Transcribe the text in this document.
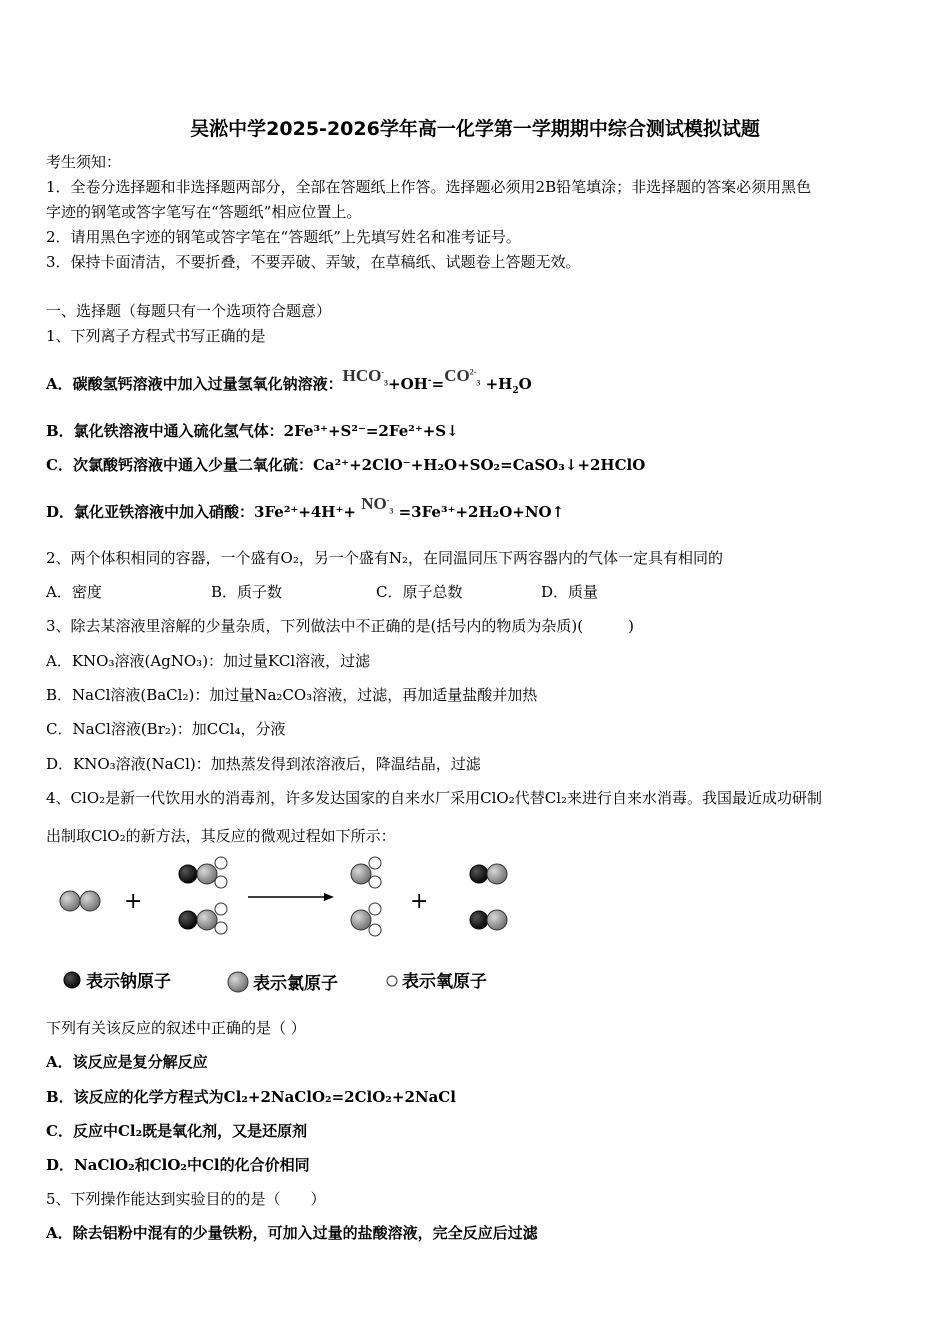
吴淞中学2025-2026学年高一化学第一学期期中综合测试模拟试题
考生须知：
1．全卷分选择题和非选择题两部分，全部在答题纸上作答。选择题必须用2B铅笔填涂；非选择题的答案必须用黑色
字迹的钢笔或答字笔写在“答题纸”相应位置上。
2．请用黑色字迹的钢笔或答字笔在“答题纸”上先填写姓名和准考证号。
3．保持卡面清洁，不要折叠，不要弄破、弄皱，在草稿纸、试题卷上答题无效。
一、选择题（每题只有一个选项符合题意）
1、下列离子方程式书写正确的是
A．碳酸氢钙溶液中加入过量氢氧化钠溶液：$HCO^-_3+OH^-=CO^{2-}_3 +H_2O$
B．氯化铁溶液中通入硫化氢气体：2Fe³⁺+S²⁻=2Fe²⁺+S↓
C．次氯酸钙溶液中通入少量二氧化硫：Ca²⁺+2ClO⁻+H₂O+SO₂=CaSO₃↓+2HClO
D．氯化亚铁溶液中加入硝酸：$3Fe^{2+}+4H^++ NO^-_3$ =3Fe³⁺+2H₂O+NO↑
2、两个体积相同的容器，一个盛有O₂，另一个盛有N₂，在同温同压下两容器内的气体一定具有相同的
A．密度	B．质子数	C．原子总数	D．质量
3、除去某溶液里溶解的少量杂质，下列做法中不正确的是(括号内的物质为杂质)(　　　)
A．KNO₃溶液(AgNO₃)：加过量KCl溶液，过滤
B．NaCl溶液(BaCl₂)：加过量Na₂CO₃溶液，过滤，再加适量盐酸并加热
C．NaCl溶液(Br₂)：加CCl₄，分液
D．KNO₃溶液(NaCl)：加热蒸发得到浓溶液后，降温结晶，过滤
4、ClO₂是新一代饮用水的消毒剂，许多发达国家的自来水厂采用ClO₂代替Cl₂来进行自来水消毒。我国最近成功研制
出制取ClO₂的新方法，其反应的微观过程如下所示：
+	+
表示钠原子	表示氯原子	表示氧原子
下列有关该反应的叙述中正确的是（ ）
A．该反应是复分解反应
B．该反应的化学方程式为Cl₂+2NaClO₂=2ClO₂+2NaCl
C．反应中Cl₂既是氧化剂，又是还原剂
D．NaClO₂和ClO₂中Cl的化合价相同
5、下列操作能达到实验目的的是（　　）
A．除去铝粉中混有的少量铁粉，可加入过量的盐酸溶液，完全反应后过滤
